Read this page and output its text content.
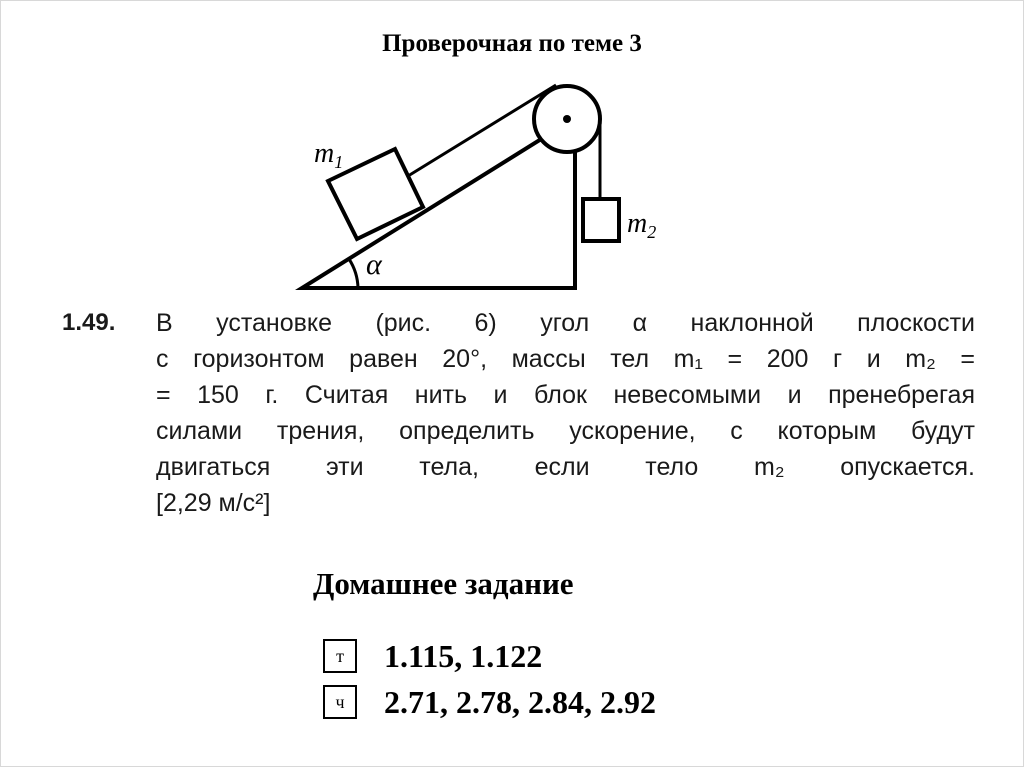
Проверочная по теме 3
α
$m_1$
$m_2$
1.49. В установке (рис. 6) угол α наклонной плоскости
с горизонтом равен 20°, массы тел m₁ = 200 г и m₂ =
= 150 г. Считая нить и блок невесомыми и пренебрегая
силами трения, определить ускорение, с которым будут
двигаться эти тела, если тело m₂ опускается.
[2,29 м/с²]
Домашнее задание
т	1.115, 1.122
ч	2.71, 2.78, 2.84, 2.92
